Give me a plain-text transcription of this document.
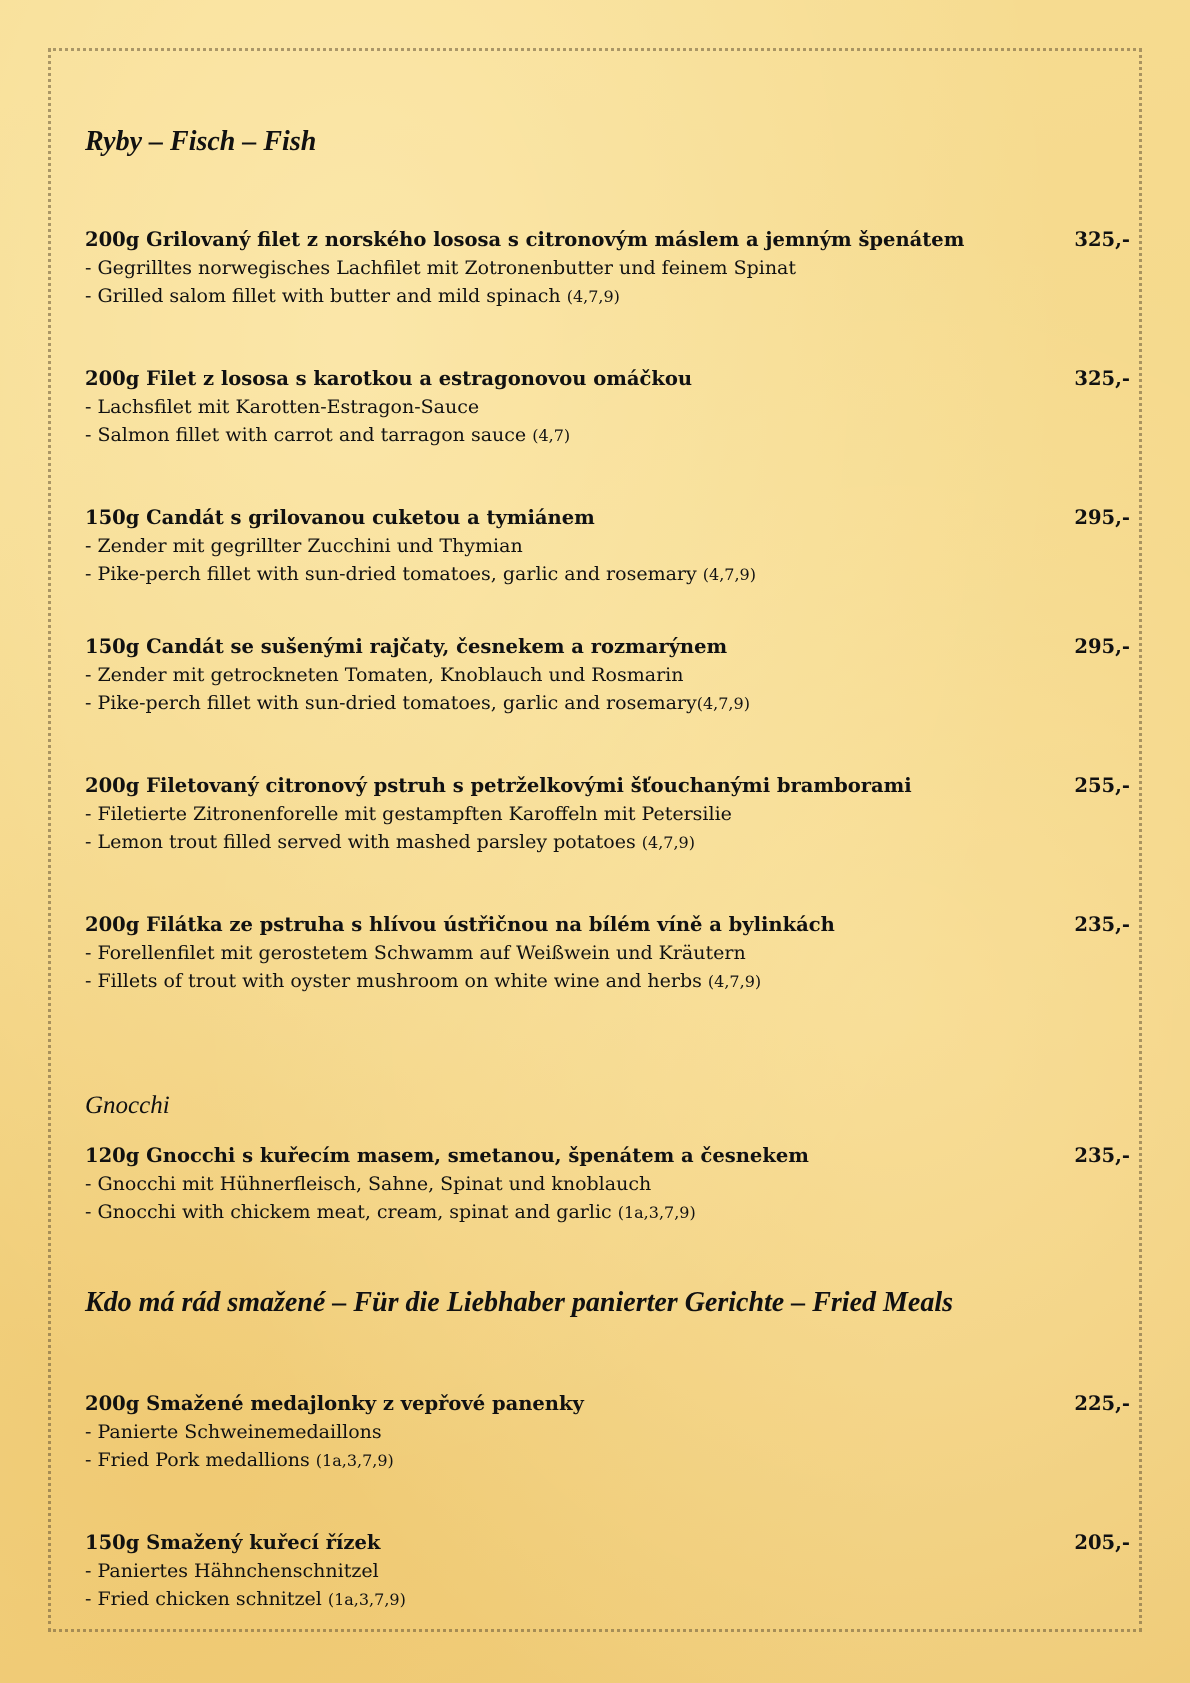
Ryby – Fisch – Fish
200g Grilovaný filet z norského lososa s citronovým máslem a jemným špenátem	325,-
- Gegrilltes norwegisches Lachfilet mit Zotronenbutter und feinem Spinat
- Grilled salom fillet with butter and mild spinach (4,7,9)
200g Filet z lososa s karotkou a estragonovou omáčkou	325,-
- Lachsfilet mit Karotten-Estragon-Sauce
- Salmon fillet with carrot and tarragon sauce (4,7)
150g Candát s grilovanou cuketou a tymiánem	295,-
- Zender mit gegrillter Zucchini und Thymian
- Pike-perch fillet with sun-dried tomatoes, garlic and rosemary (4,7,9)
150g Candát se sušenými rajčaty, česnekem a rozmarýnem	295,-
- Zender mit getrockneten Tomaten, Knoblauch und Rosmarin
- Pike-perch fillet with sun-dried tomatoes, garlic and rosemary(4,7,9)
200g Filetovaný citronový pstruh s petrželkovými šťouchanými bramborami	255,-
- Filetierte Zitronenforelle mit gestampften Karoffeln mit Petersilie
- Lemon trout filled served with mashed parsley potatoes (4,7,9)
200g Filátka ze pstruha s hlívou ústřičnou na bílém víně a bylinkách	235,-
- Forellenfilet mit gerostetem Schwamm auf Weißwein und Kräutern
- Fillets of trout with oyster mushroom on white wine and herbs (4,7,9)
Gnocchi
120g Gnocchi s kuřecím masem, smetanou, špenátem a česnekem	235,-
- Gnocchi mit Hühnerfleisch, Sahne, Spinat und knoblauch
- Gnocchi with chickem meat, cream, spinat and garlic (1a,3,7,9)
Kdo má rád smažené – Für die Liebhaber panierter Gerichte – Fried Meals
200g Smažené medajlonky z vepřové panenky	225,-
- Panierte Schweinemedaillons
- Fried Pork medallions (1a,3,7,9)
150g Smažený kuřecí řízek	205,-
- Paniertes Hähnchenschnitzel
- Fried chicken schnitzel (1a,3,7,9)
